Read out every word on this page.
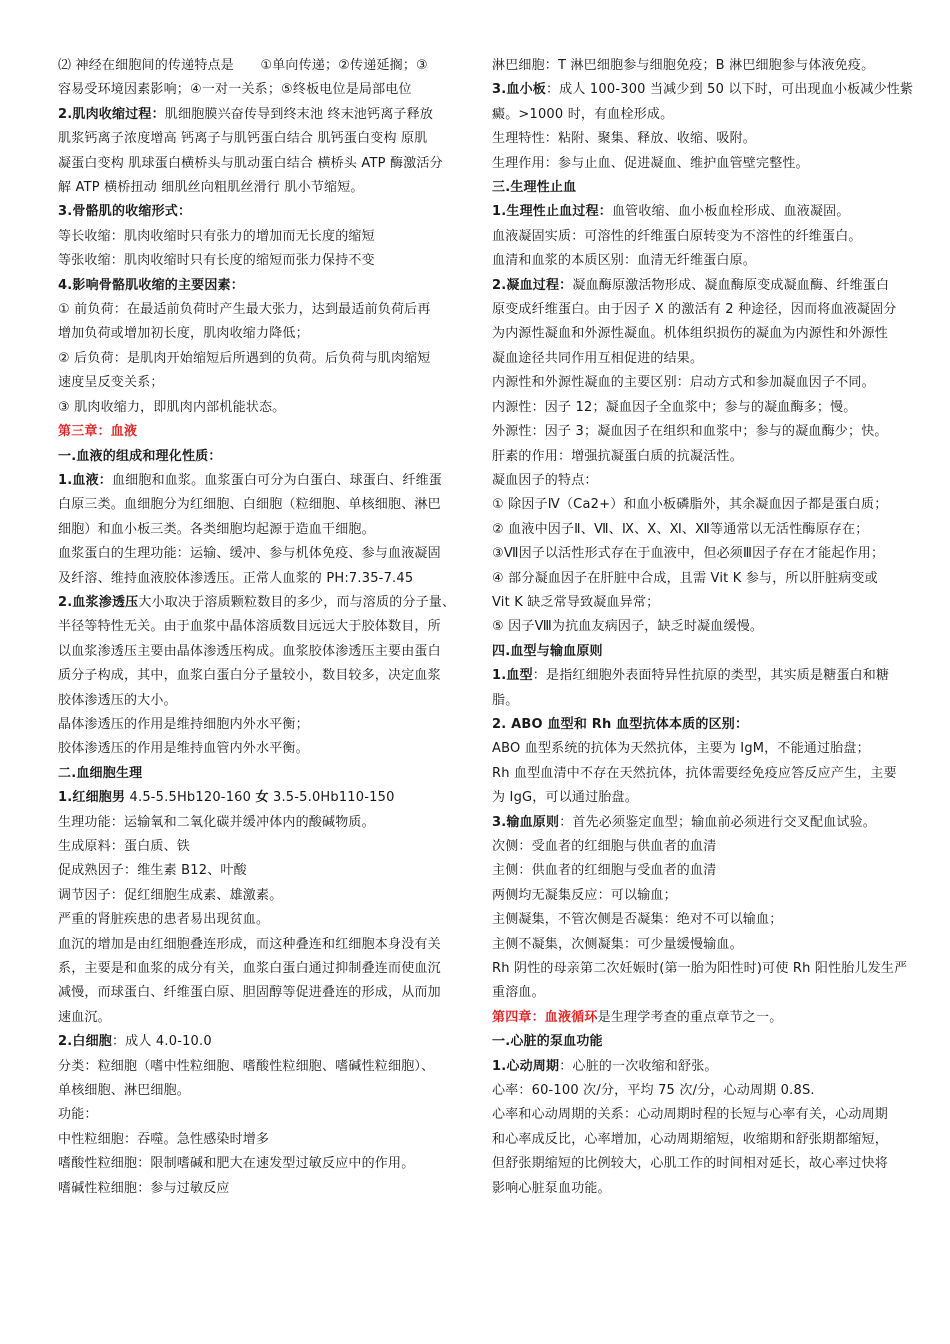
⑵ 神经在细胞间的传递特点是　　①单向传递；②传递延搁；③
容易受环境因素影响；④一对一关系；⑤终板电位是局部电位
2.肌肉收缩过程：肌细胞膜兴奋传导到终末池 终末池钙离子释放
肌浆钙离子浓度增高 钙离子与肌钙蛋白结合 肌钙蛋白变构 原肌
凝蛋白变构 肌球蛋白横桥头与肌动蛋白结合 横桥头 ATP 酶激活分
解 ATP 横桥扭动 细肌丝向粗肌丝滑行 肌小节缩短。
3.骨骼肌的收缩形式：
等长收缩：肌肉收缩时只有张力的增加而无长度的缩短
等张收缩：肌肉收缩时只有长度的缩短而张力保持不变
4.影响骨骼肌收缩的主要因素：
① 前负荷：在最适前负荷时产生最大张力，达到最适前负荷后再
增加负荷或增加初长度，肌肉收缩力降低；
② 后负荷：是肌肉开始缩短后所遇到的负荷。后负荷与肌肉缩短
速度呈反变关系；
③ 肌肉收缩力，即肌肉内部机能状态。
第三章：血液
一.血液的组成和理化性质：
1.血液：血细胞和血浆。血浆蛋白可分为白蛋白、球蛋白、纤维蛋
白原三类。血细胞分为红细胞、白细胞（粒细胞、单核细胞、淋巴
细胞）和血小板三类。各类细胞均起源于造血干细胞。
血浆蛋白的生理功能：运输、缓冲、参与机体免疫、参与血液凝固
及纤溶、维持血液胶体渗透压。正常人血浆的 PH:7.35-7.45
2.血浆渗透压大小取决于溶质颗粒数目的多少，而与溶质的分子量、
半径等特性无关。由于血浆中晶体溶质数目远远大于胶体数目，所
以血浆渗透压主要由晶体渗透压构成。血浆胶体渗透压主要由蛋白
质分子构成，其中，血浆白蛋白分子量较小，数目较多，决定血浆
胶体渗透压的大小。
晶体渗透压的作用是维持细胞内外水平衡；
胶体渗透压的作用是维持血管内外水平衡。
二.血细胞生理
1.红细胞男 4.5-5.5Hb120-160 女 3.5-5.0Hb110-150
生理功能：运输氧和二氧化碳并缓冲体内的酸碱物质。
生成原料：蛋白质、铁
促成熟因子：维生素 B12、叶酸
调节因子：促红细胞生成素、雄激素。
严重的肾脏疾患的患者易出现贫血。
血沉的增加是由红细胞叠连形成，而这种叠连和红细胞本身没有关
系，主要是和血浆的成分有关，血浆白蛋白通过抑制叠连而使血沉
减慢，而球蛋白、纤维蛋白原、胆固醇等促进叠连的形成，从而加
速血沉。
2.白细胞：成人 4.0-10.0
分类：粒细胞（嗜中性粒细胞、嗜酸性粒细胞、嗜碱性粒细胞）、
单核细胞、淋巴细胞。
功能：
中性粒细胞：吞噬。急性感染时增多
嗜酸性粒细胞：限制嗜碱和肥大在速发型过敏反应中的作用。
嗜碱性粒细胞：参与过敏反应
淋巴细胞：T 淋巴细胞参与细胞免疫；B 淋巴细胞参与体液免疫。
3.血小板：成人 100-300 当减少到 50 以下时，可出现血小板减少性紫
癜。>1000 时，有血栓形成。
生理特性：粘附、聚集、释放、收缩、吸附。
生理作用：参与止血、促进凝血、维护血管壁完整性。
三.生理性止血
1.生理性止血过程：血管收缩、血小板血栓形成、血液凝固。
血液凝固实质：可溶性的纤维蛋白原转变为不溶性的纤维蛋白。
血清和血浆的本质区别：血清无纤维蛋白原。
2.凝血过程：凝血酶原激活物形成、凝血酶原变成凝血酶、纤维蛋白
原变成纤维蛋白。由于因子 X 的激活有 2 种途径，因而将血液凝固分
为内源性凝血和外源性凝血。机体组织损伤的凝血为内源性和外源性
凝血途径共同作用互相促进的结果。
内源性和外源性凝血的主要区别：启动方式和参加凝血因子不同。
内源性：因子 12；凝血因子全血浆中；参与的凝血酶多；慢。
外源性：因子 3；凝血因子在组织和血浆中；参与的凝血酶少；快。
肝素的作用：增强抗凝蛋白质的抗凝活性。
凝血因子的特点：
① 除因子Ⅳ（Ca2+）和血小板磷脂外，其余凝血因子都是蛋白质；
② 血液中因子Ⅱ、Ⅶ、Ⅸ、Ⅹ、Ⅺ、Ⅻ等通常以无活性酶原存在；
③Ⅶ因子以活性形式存在于血液中，但必须Ⅲ因子存在才能起作用；
④ 部分凝血因子在肝脏中合成，且需 Vit K 参与，所以肝脏病变或
Vit K 缺乏常导致凝血异常；
⑤ 因子Ⅷ为抗血友病因子，缺乏时凝血缓慢。
四.血型与输血原则
1.血型：是指红细胞外表面特异性抗原的类型，其实质是糖蛋白和糖
脂。
2. ABO 血型和 Rh 血型抗体本质的区别：
ABO 血型系统的抗体为天然抗体，主要为 IgM，不能通过胎盘；
Rh 血型血清中不存在天然抗体，抗体需要经免疫应答反应产生，主要
为 IgG，可以通过胎盘。
3.输血原则：首先必须鉴定血型；输血前必须进行交叉配血试验。
次侧：受血者的红细胞与供血者的血清
主侧：供血者的红细胞与受血者的血清
两侧均无凝集反应：可以输血；
主侧凝集，不管次侧是否凝集：绝对不可以输血；
主侧不凝集，次侧凝集：可少量缓慢输血。
Rh 阴性的母亲第二次妊娠时(第一胎为阳性时)可使 Rh 阳性胎儿发生严
重溶血。
第四章：血液循环是生理学考查的重点章节之一。
一.心脏的泵血功能
1.心动周期：心脏的一次收缩和舒张。
心率：60-100 次/分，平均 75 次/分，心动周期 0.8S.
心率和心动周期的关系：心动周期时程的长短与心率有关，心动周期
和心率成反比，心率增加，心动周期缩短，收缩期和舒张期都缩短，
但舒张期缩短的比例较大，心肌工作的时间相对延长，故心率过快将
影响心脏泵血功能。
